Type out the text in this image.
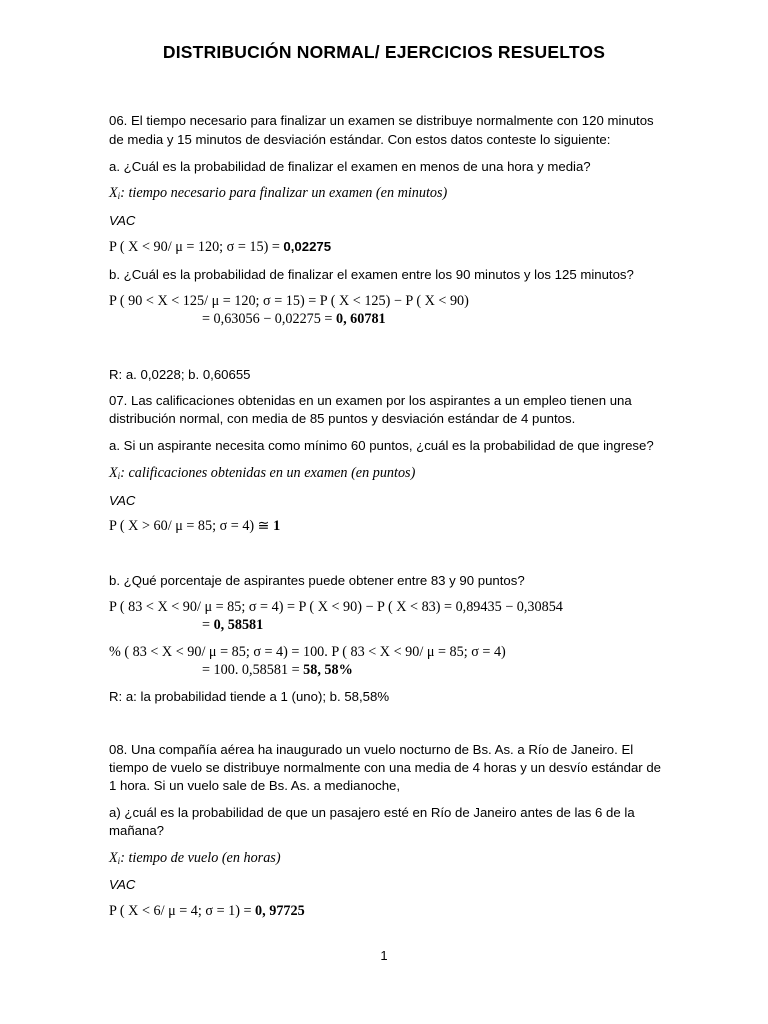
DISTRIBUCIÓN NORMAL/ EJERCICIOS RESUELTOS
06. El tiempo necesario para finalizar un examen se distribuye normalmente con 120 minutos
de media y 15 minutos de desviación estándar. Con estos datos conteste lo siguiente:
a. ¿Cuál es la probabilidad de finalizar el examen en menos de una hora y media?
$X_i$: tiempo necesario para finalizar un examen (en minutos)
VAC
P ( X < 90/ μ = 120; σ = 15) = 0,02275
b. ¿Cuál es la probabilidad de finalizar el examen entre los 90 minutos y los 125 minutos?
P ( 90 < X < 125/ μ = 120; σ = 15) = P ( X < 125) − P ( X < 90)
= 0,63056 − 0,02275 = 0, 60781
R: a. 0,0228; b. 0,60655
07. Las calificaciones obtenidas en un examen por los aspirantes a un empleo tienen una
distribución normal, con media de 85 puntos y desviación estándar de 4 puntos.
a. Si un aspirante necesita como mínimo 60 puntos, ¿cuál es la probabilidad de que ingrese?
$X_i$: calificaciones obtenidas en un examen (en puntos)
VAC
P ( X > 60/ μ = 85; σ = 4) ≅ 1
b. ¿Qué porcentaje de aspirantes puede obtener entre 83 y 90 puntos?
P ( 83 < X < 90/ μ = 85; σ = 4) = P ( X < 90) − P ( X < 83) = 0,89435 − 0,30854
= 0, 58581
% ( 83 < X < 90/ μ = 85; σ = 4) = 100. P ( 83 < X < 90/ μ = 85; σ = 4)
= 100. 0,58581 = 58, 58%
R: a: la probabilidad tiende a 1 (uno); b. 58,58%
08. Una compañía aérea ha inaugurado un vuelo nocturno de Bs. As. a Río de Janeiro. El
tiempo de vuelo se distribuye normalmente con una media de 4 horas y un desvío estándar de
1 hora. Si un vuelo sale de Bs. As. a medianoche,
a) ¿cuál es la probabilidad de que un pasajero esté en Río de Janeiro antes de las 6 de la
mañana?
$X_i$: tiempo de vuelo (en horas)
VAC
P ( X < 6/ μ = 4; σ = 1) = 0, 97725
1
